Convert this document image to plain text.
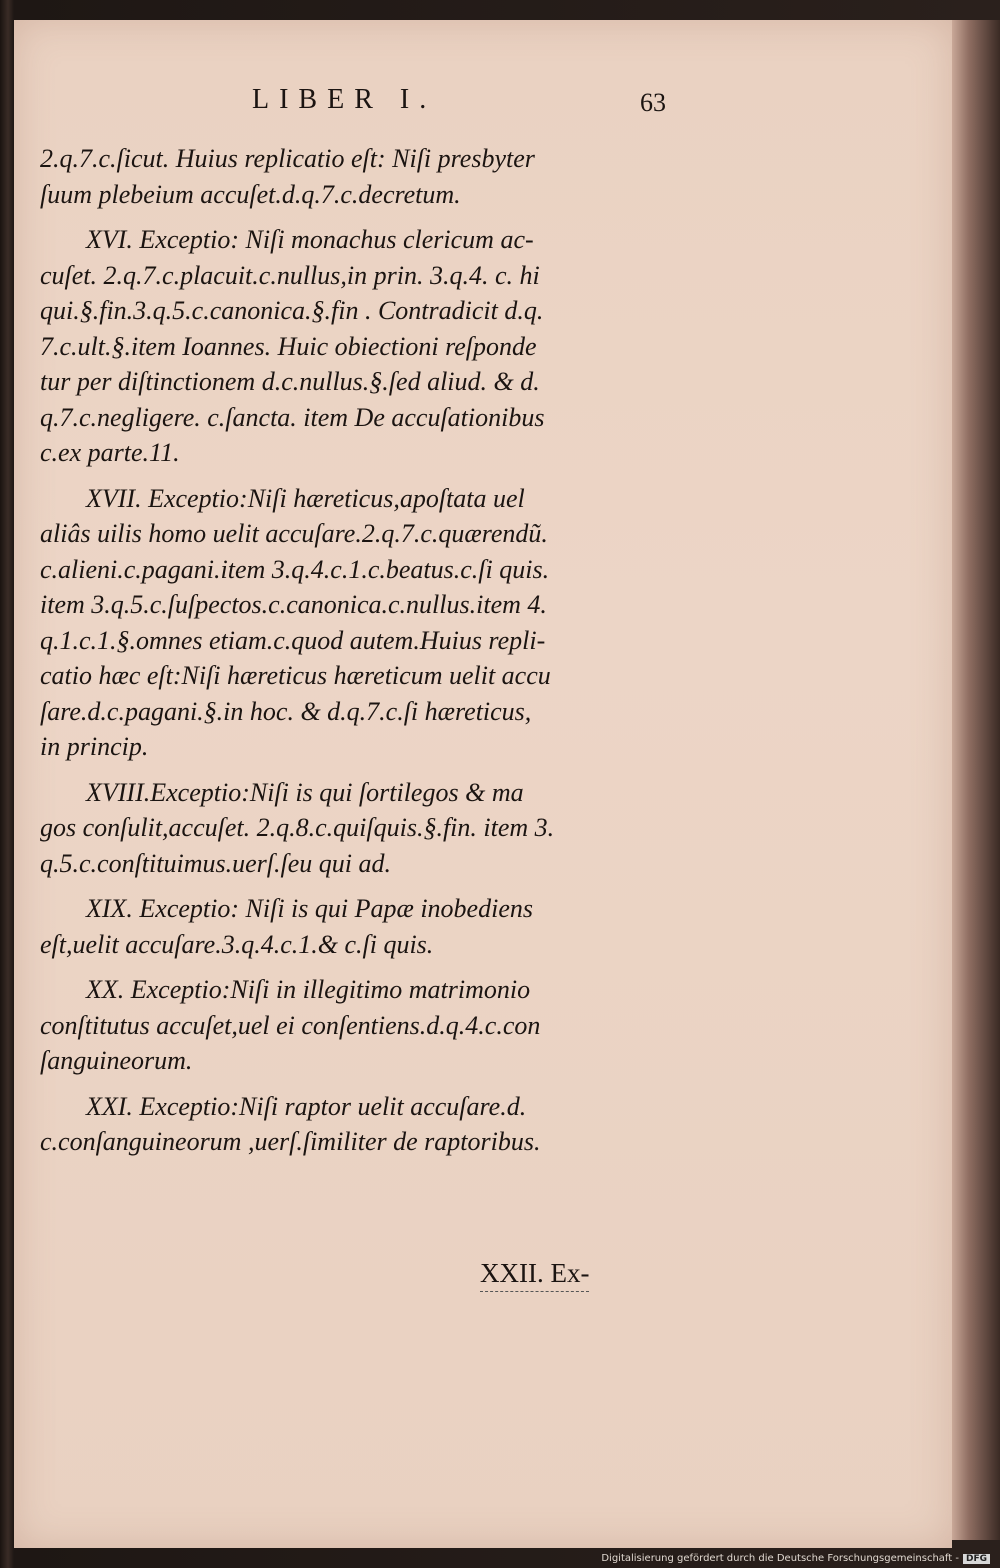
LIBER I.	63
2.q.7.c.ſicut. Huius replicatio eſt: Niſi presbyter
ſuum plebeium accuſet.d.q.7.c.decretum.
XVI. Exceptio: Niſi monachus clericum ac-
cuſet. 2.q.7.c.placuit.c.nullus,in prin. 3.q.4. c. hi
qui.§.fin.3.q.5.c.canonica.§.fin . Contradicit d.q.
7.c.ult.§.item Ioannes. Huic obiectioni reſponde
tur per diſtinctionem d.c.nullus.§.ſed aliud. & d.
q.7.c.negligere. c.ſancta. item De accuſationibus
c.ex parte.11.
XVII. Exceptio:Niſi hæreticus,apoſtata uel
aliâs uilis homo uelit accuſare.2.q.7.c.quærendũ.
c.alieni.c.pagani.item 3.q.4.c.1.c.beatus.c.ſi quis.
item 3.q.5.c.ſuſpectos.c.canonica.c.nullus.item 4.
q.1.c.1.§.omnes etiam.c.quod autem.Huius repli-
catio hæc eſt:Niſi hæreticus hæreticum uelit accu
ſare.d.c.pagani.§.in hoc. & d.q.7.c.ſi hæreticus,
in princip.
XVIII.Exceptio:Niſi is qui ſortilegos & ma
gos conſulit,accuſet. 2.q.8.c.quiſquis.§.fin. item 3.
q.5.c.conſtituimus.uerſ.ſeu qui ad.
XIX. Exceptio: Niſi is qui Papæ inobediens
eſt,uelit accuſare.3.q.4.c.1.& c.ſi quis.
XX. Exceptio:Niſi in illegitimo matrimonio
conſtitutus accuſet,uel ei conſentiens.d.q.4.c.con
ſanguineorum.
XXI. Exceptio:Niſi raptor uelit accuſare.d.
c.conſanguineorum ,uerſ.ſimiliter de raptoribus.
XXII. Ex-
Digitalisierung gefördert durch die Deutsche Forschungsgemeinschaft - DFG
